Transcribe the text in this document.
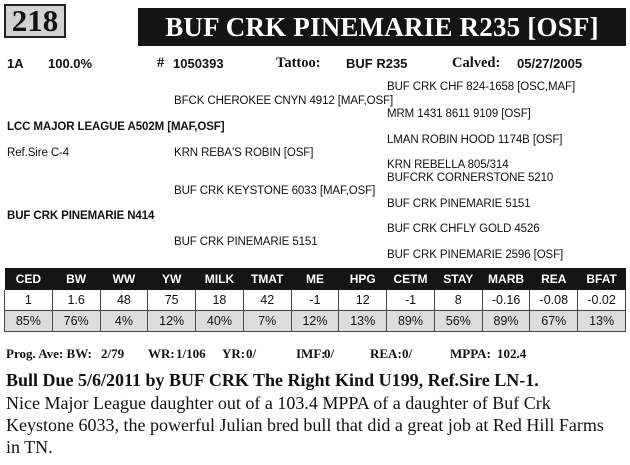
218	BUF CRK PINEMARIE R235 [OSF]
1A 100.0%	# 1050393	Tattoo: BUF R235	Calved: 05/27/2005
BUF CRK CHF 824-1658 [OSC,MAF]
BFCK CHEROKEE CNYN 4912 [MAF,OSF]
MRM 1431 8611 9109 [OSF]
LCC MAJOR LEAGUE A502M [MAF,OSF]
LMAN ROBIN HOOD 1174B [OSF]
Ref.Sire C-4	KRN REBA'S ROBIN [OSF]
KRN REBELLA 805/314
BUFCRK CORNERSTONE 5210
BUF CRK KEYSTONE 6033 [MAF,OSF]
BUF CRK PINEMARIE 5151
BUF CRK PINEMARIE N414
BUF CRK CHFLY GOLD 4526
BUF CRK PINEMARIE 5151
BUF CRK PINEMARIE 2596 [OSF]
CED	BW	WW	YW	MILK	TMAT	ME	HPG	CETM	STAY	MARB	REA	BFAT
1	1.6	48	75	18	42	-1	12	-1	8	-0.16	-0.08	-0.02
85%	76%	4%	12%	40%	7%	12%	13%	89%	56%	89%	67%	13%
Prog. Ave: BW: 2/79 WR: 1/106 YR: 0/	IMF:
0/	REA: 0/	MPPA: 102.4
Bull Due 5/6/2011 by BUF CRK The Right Kind U199, Ref.Sire LN-1.
Nice Major League daughter out of a 103.4 MPPA of a daughter of Buf Crk Keystone 6033, the powerful Julian bred bull that did a great job at Red Hill Farms in TN.
